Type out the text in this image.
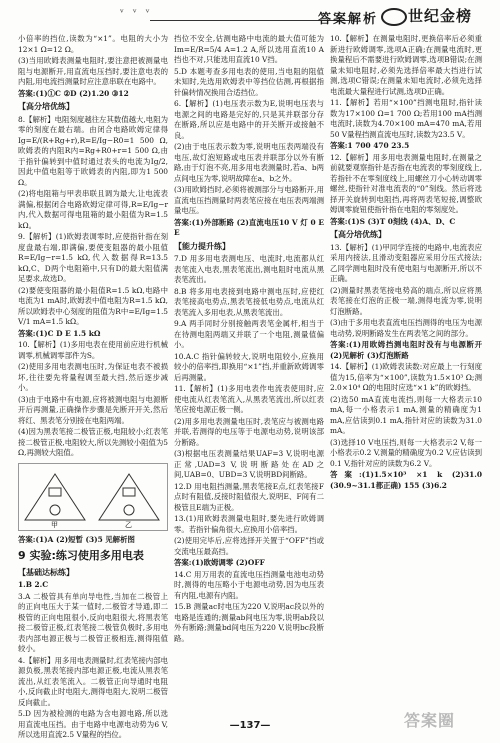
ᵛ ᵛ ᵛ	答案解析 世纪金榜

小倍率的挡位,读数为“×1”。电阻的大小为12×1 Ω=12 Ω。

(3)当用欧姆表测量电阻时,要注意把被测量电阻与电源断开,用直流电压挡时,要注意电表的内阻,用电流挡测量时应注意串联在电路中。

答案:(1)①C ②D (2)1.20 ③12

【高分培优练】

8.【解析】电阻刻度越往左其数值越大,电阻为零的刻度在最右端。由闭合电路欧姆定律得Ig=E/(R+Rg+r),R=E/Ig−R0=1 500 Ω,欧姆表的内阻R内=Rg+R0+r=1 500 Ω,由于指针偏转到中值时通过表头的电流为Ig/2,因此中值电阻等于欧姆表的内阻,即为1 500 Ω。

(2)将电阻箱与甲表串联且调为最大,让电流表满偏,根据闭合电路欧姆定律可得,R=E/Ig−r内,代入数据可得电阻箱的最小阻值为R=1.5 kΩ。

9.【解析】(1)欧姆表调零时,应使指针指在刻度盘最右端,即满偏,要使变阻器的最小阻值R=E/Ig−r=1.5 kΩ,代入数据得R=13.5 kΩ,C、D两个电阻箱中,只有D的最大阻值满足要求,故选D。

(2)要使变阻器的最小阻值R=1.5 kΩ,电路中电流为1 mA时,欧姆表中值电阻为R=1.5 kΩ,所以欧姆表中心刻度的阻值为R中=E/Ig=1.5 V/1 mA=1.5 kΩ。

答案:(1)C D E 1.5 kΩ

10.【解析】(1)多用电表在使用前应进行机械调零,机械调零部件为S。

(2)使用多用电表测电压时,为保证电表不被损坏,往往要先将量程调至最大挡,然后逐步减小。

(3)由于电路中有电源,应将被测电阻与电源断开后再测量,正确操作步骤是先断开开关,然后将红、黑表笔分别接在电阻两端。

(4)因为黑表笔接二极管正极,电阻较小;红表笔接二极管正极,电阻较大,所以先测较小阻值为5 Ω,再测较大阻值。

甲	乙

答案:(1)A (2)短暂 (3)5 见解析图

9 实验:练习使用多用电表
【基础达标练】

1.B 2.C

3.A 二极管具有单向导电性,当加在二极管上的正向电压大于某一值时,二极管才导通,即二极管的正向电阻很小,反向电阻很大,将黑表笔接二极管正极,红表笔接二极管负极时,多用电表内部电源正极与二极管正极相连,测得阻值较小。

4.【解析】用多用电表测量时,红表笔接内部电源负极,黑表笔接内部电源正极,电流从黑表笔流出,从红表笔流入。二极管正向导通时电阻小,反向截止时电阻大,测得电阻大,说明二极管反向截止。

5.D 因为被检测的电路为含电源电路,所以选用直流电压挡。由于电路中电源电动势为6 V,所以选用直流2.5 V量程的挡位。

挡位不安全,估测电路中电流的最大值可能为Im=E/R=5/4 A=1.2 A,所以选用直流10 A挡也不对,只能选用直流10 V挡。

5.D 本题考查多用电表的使用,当电阻的阻值未知时,先选用欧姆表中等挡位估测,再根据指针偏转情况换用合适挡位。

6.【解析】(1)电压表示数为E,说明电压表与电源之间的电路是完好的,只是其并联部分存在断路,所以应是电路中的开关断开或接触不良。

(2)由于电压表示数为零,说明电压表两端没有电压,故灯泡短路或电压表并联部分以外有断路,由于灯泡不亮,用多用电表测量时,若a、b两点间电压为零,说明故障在a、b之外。

(3)用欧姆挡时,必须将被测部分与电路断开,用直流电压挡测量时两表笔应接在电压表两端测量电压。

答案:(1)外部断路 (2)直流电压10 V 灯 0 E E

【能力提升练】

7.D 用多用电表测电压、电流时,电流都从红表笔流入电表,黑表笔流出,测电阻时电流从黑表笔流出。

8.B 将多用电表接到电路中测电压时,应使红表笔接高电势点,黑表笔接低电势点,电流从红表笔流入多用电表,从黑表笔流出。

9.A 两手同时分别接触两表笔金属杆,相当于在待测电阻两端又并联了一个电阻,测量值偏小。

10.A.C 指针偏转较大,说明电阻较小,应换用较小的倍率挡,即换用“×1”挡,并重新欧姆调零后再测量。

11.【解析】(1)多用电表作电流表使用时,应使电流从红表笔流入,从黑表笔流出,所以红表笔应接电源正极一侧。

(2)用多用电表测量电压时,表笔应与被测电路并联,若测得的电压等于电源电动势,说明该部分断路。

(3)根据电压表测量结果UAF=3 V,说明电源正常,UAD=3 V,说明断路处在AD之间,UAB=0、UBD=3 V,说明BD间断路。

12.D 用电阻挡测量,黑表笔接E点,红表笔接F点时有阻值,反接时阻值很大,说明E、F间有二极管且E端为正极。

13.(1)用欧姆表测量电阻时,要先进行欧姆调零。若指针偏角很大,应换用小倍率挡。

(2)使用完毕后,应将选择开关置于“OFF”挡或交流电压最高挡。

答案:(1)欧姆调零 (2)OFF

14.C 用万用表的直流电压挡测量电池电动势时,测得的电压略小于电源电动势,因为电压表有内阻,电源有内阻。

15.B 测量ac时电压为220 V,说明ac段以外的电路是连通的;测量ab间电压为零,说明ab段以外有断路;测量bd间电压为220 V,说明bc段断路。

10.【解析】在测量电阻时,更换倍率后必须重新进行欧姆调零,选项A正确;在测量电流时,更换量程后不需要进行欧姆调零,选项B错误;在测量未知电阻时,必须先选择倍率最大挡进行试测,选项C错误;在测量未知电流时,必须先选择电流最大量程进行试测,选项D正确。

11.【解析】若用“×100”挡测电阻时,指针读数为17×100 Ω=1 700 Ω;若用100 mA挡测电流时,读数为4.70×100 mA=470 mA,若用50 V量程挡测直流电压时,读数为23.5 V。

答案:1 700 470 23.5

12.【解析】用多用电表测量电阻时,在测量之前就要观察指针是否指在电流表的零刻度线上,若指针不在零刻度线上,用螺丝刀小心转动调零螺丝,使指针对准电流表的“0”刻线。然后将选择开关旋转到电阻挡,再将两表笔短接,调整欧姆调零旋钮使指针指在电阻的零刻度处。

答案:(1)S (3)T 0刻线 (4)A、D、C

【高分培优练】

13.【解析】(1)甲同学连接的电路中,电流表应采用内接法,且滑动变阻器应采用分压式接法;乙同学测电阻时没有使电阻与电源断开,所以不正确。

(2)测量时黑表笔接电势高的端点,所以应将黑表笔接在灯泡的正极一端,测得电流为零,说明灯泡断路。

(3)由于多用电表直流电压挡测得的电压为电源电动势,说明断路发生在两表笔之间的部分。

答案:(1)用欧姆挡测电阻时没有与电源断开 (2)见解析 (3)灯泡断路

14.【解析】(1)欧姆表读数:对应最上一行刻度值为15,倍率为“×100”,读数为1.5×10³ Ω;测2.0×10⁴ Ω的电阻时应选“×1 k”的欧姆挡。

(2)选50 mA直流电流挡,则每一大格表示10 mA,每一小格表示1 mA,测量的精确度为1 mA,应估读到0.1 mA,指针对应的读数为31.0 mA。

(3)选择10 V电压挡,则每一大格表示2 V,每一小格表示0.2 V,测量的精确度为0.2 V,应估读到0.1 V,指针对应的读数为6.2 V。

答案:(1)1.5×10³ ×1 k (2)31.0 (30.9~31.1都正确) 155 (3)6.2

—137—	答案圈
